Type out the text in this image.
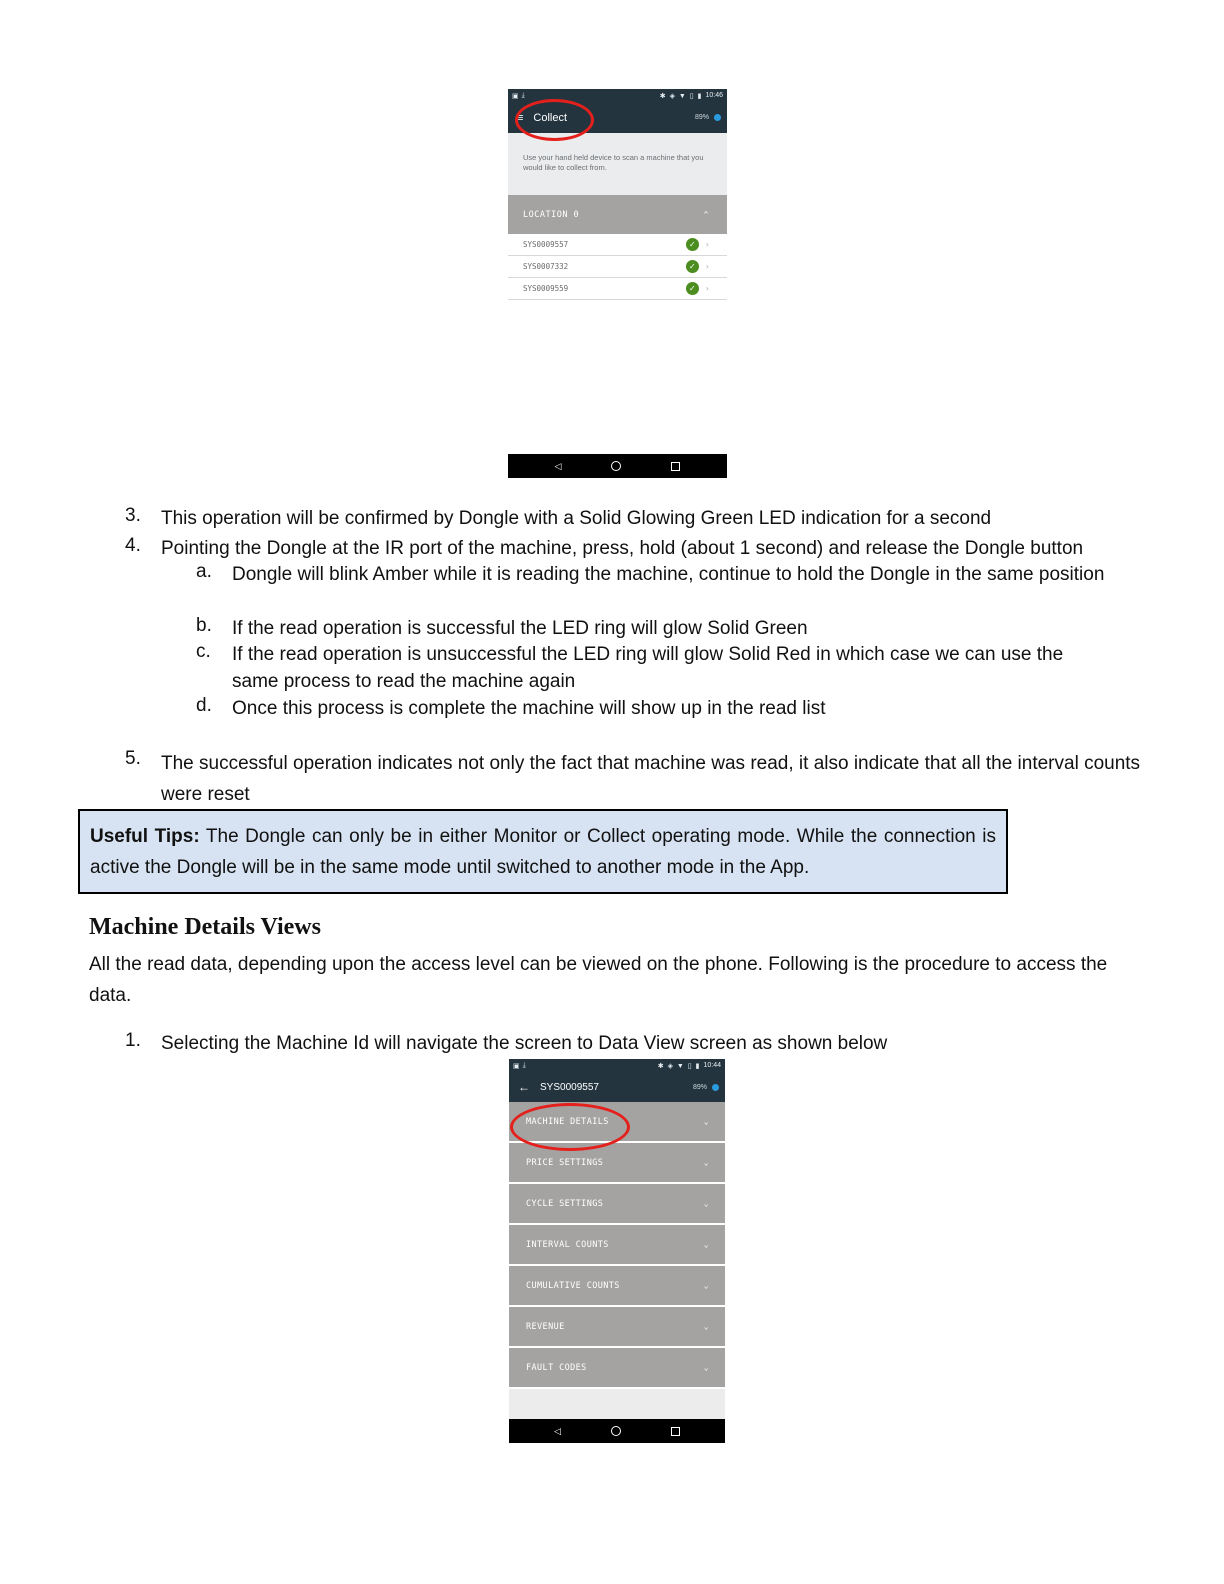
▣ ⤓	✱ ◈ ▼ ▯ ▮ 10:46
≡ Collect	89%
Use your hand held device to scan a machine that you would like to collect from.
LOCATION 0	^
SYS0009557	✓	›
SYS0007332	✓	›
SYS0009559	✓	›
◁
3.	This operation will be confirmed by Dongle with a Solid Glowing Green LED indication for a second
4.	Pointing the Dongle at the IR port of the machine, press, hold (about 1 second) and release the Dongle button
a.	Dongle will blink Amber while it is reading the machine, continue to hold the Dongle in the same position
b.	If the read operation is successful the LED ring will glow Solid Green
c.	If the read operation is unsuccessful the LED ring will glow Solid Red in which case we can use the same process to read the machine again
d.	Once this process is complete the machine will show up in the read list
5.	The successful operation indicates not only the fact that machine was read, it also indicate that all the interval counts were reset
Useful Tips: The Dongle can only be in either Monitor or Collect operating mode. While the connection is active the Dongle will be in the same mode until switched to another mode in the App.
Machine Details Views
All the read data, depending upon the access level can be viewed on the phone. Following is the procedure to access the data.
1.	Selecting the Machine Id will navigate the screen to Data View screen as shown below
▣ ⤓	✱ ◈ ▼ ▯ ▮ 10:44
← SYS0009557	89%
MACHINE DETAILS	⌄
PRICE SETTINGS	⌄
CYCLE SETTINGS	⌄
INTERVAL COUNTS	⌄
CUMULATIVE COUNTS	⌄
REVENUE	⌄
FAULT CODES	⌄
◁
